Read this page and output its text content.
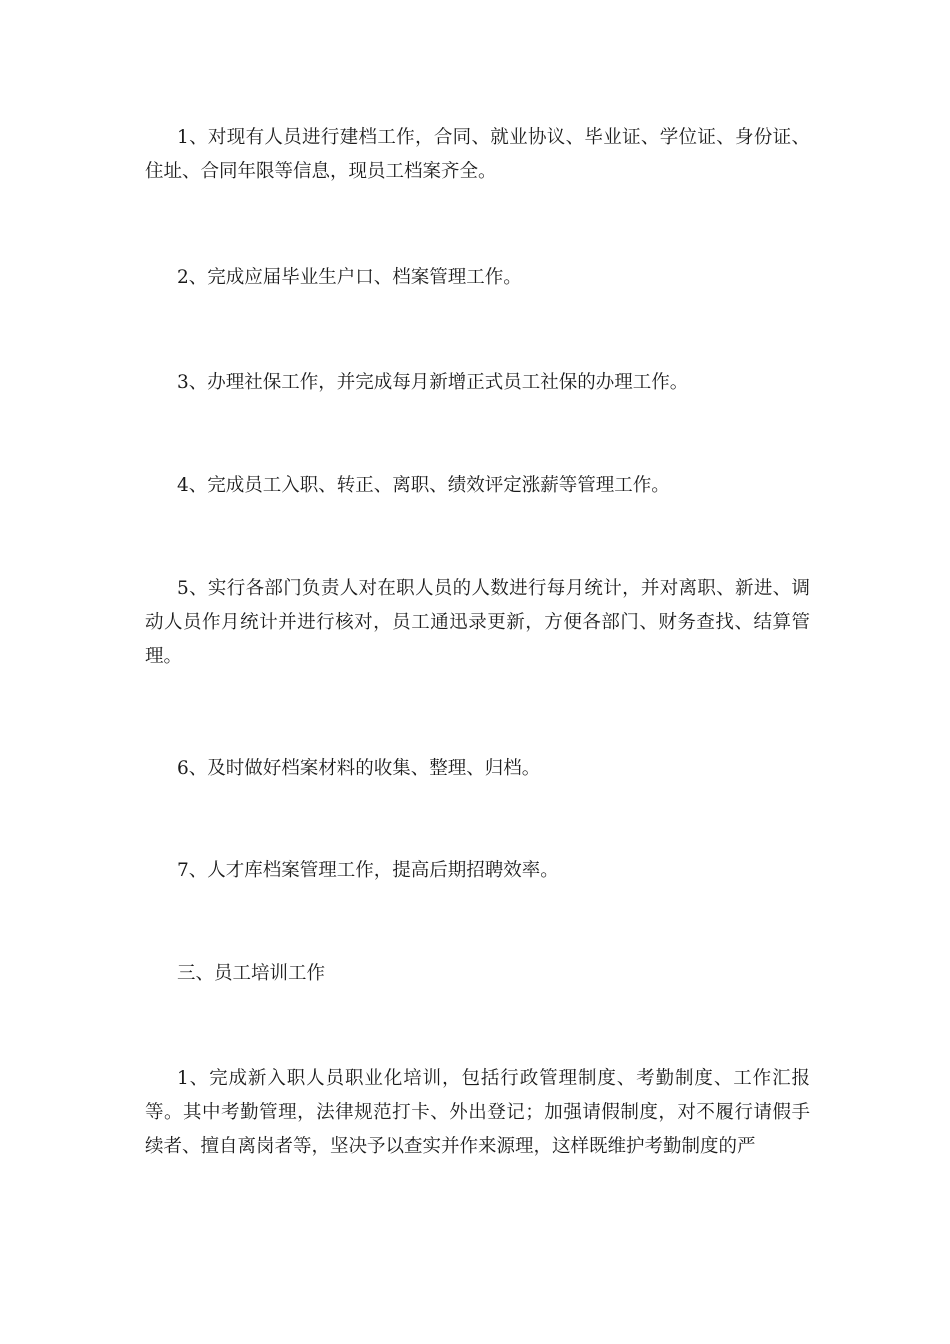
1、对现有人员进行建档工作，合同、就业协议、毕业证、学位证、身份证、住址、合同年限等信息，现员工档案齐全。

2、完成应届毕业生户口、档案管理工作。

3、办理社保工作，并完成每月新增正式员工社保的办理工作。

4、完成员工入职、转正、离职、绩效评定涨薪等管理工作。

5、实行各部门负责人对在职人员的人数进行每月统计，并对离职、新进、调动人员作月统计并进行核对，员工通迅录更新，方便各部门、财务查找、结算管理。

6、及时做好档案材料的收集、整理、归档。

7、人才库档案管理工作，提高后期招聘效率。

三、员工培训工作

1、完成新入职人员职业化培训，包括行政管理制度、考勤制度、工作汇报等。其中考勤管理，法律规范打卡、外出登记；加强请假制度，对不履行请假手续者、擅自离岗者等，坚决予以查实并作来源理，这样既维护考勤制度的严
